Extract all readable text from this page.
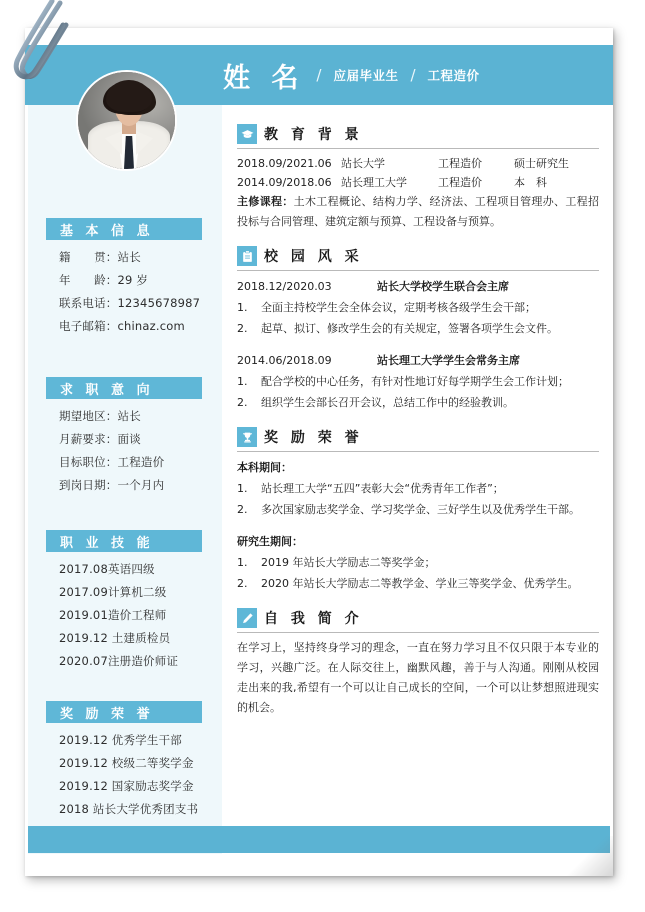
姓 名 / 应届毕业生 / 工程造价
基 本 信 息
籍　　贯：站长
年　　龄：29 岁
联系电话：12345678987
电子邮箱：chinaz.com
求 职 意 向
期望地区：站长
月薪要求：面谈
目标职位：工程造价
到岗日期：一个月内
职 业 技 能
2017.08英语四级
2017.09计算机二级
2019.01造价工程师
2019.12 土建质检员
2020.07注册造价师证
奖 励 荣 誉
2019.12 优秀学生干部
2019.12 校级二等奖学金
2019.12 国家励志奖学金
2018 站长大学优秀团支书
教 育 背 景
2018.09/2021.06 站长大学	工程造价	硕士研究生
2014.09/2018.06 站长理工大学	工程造价	本　科
主修课程：土木工程概论、结构力学、经济法、工程项目管理办、工程招投标与合同管理、建筑定额与预算、工程设备与预算。
校 园 风 采
2018.12/2020.03	站长大学校学生联合会主席
1.	全面主持校学生会全体会议，定期考核各级学生会干部；
2.	起草、拟订、修改学生会的有关规定，签署各项学生会文件。
2014.06/2018.09	站长理工大学学生会常务主席
1.	配合学校的中心任务，有针对性地订好每学期学生会工作计划；
2.	组织学生会部长召开会议，总结工作中的经验教训。
奖 励 荣 誉
本科期间：
1.	站长理工大学“五四”表彰大会“优秀青年工作者”；
2.	多次国家励志奖学金、学习奖学金、三好学生以及优秀学生干部。
研究生期间：
1.	2019 年站长大学励志二等奖学金；
2.	2020 年站长大学励志二等教学金、学业三等奖学金、优秀学生。
自 我 简 介
在学习上，坚持终身学习的理念，一直在努力学习且不仅只限于本专业的学习，兴趣广泛。在人际交往上，幽默风趣，善于与人沟通。刚刚从校园走出来的我,希望有一个可以让自己成长的空间，一个可以让梦想照进现实的机会。
